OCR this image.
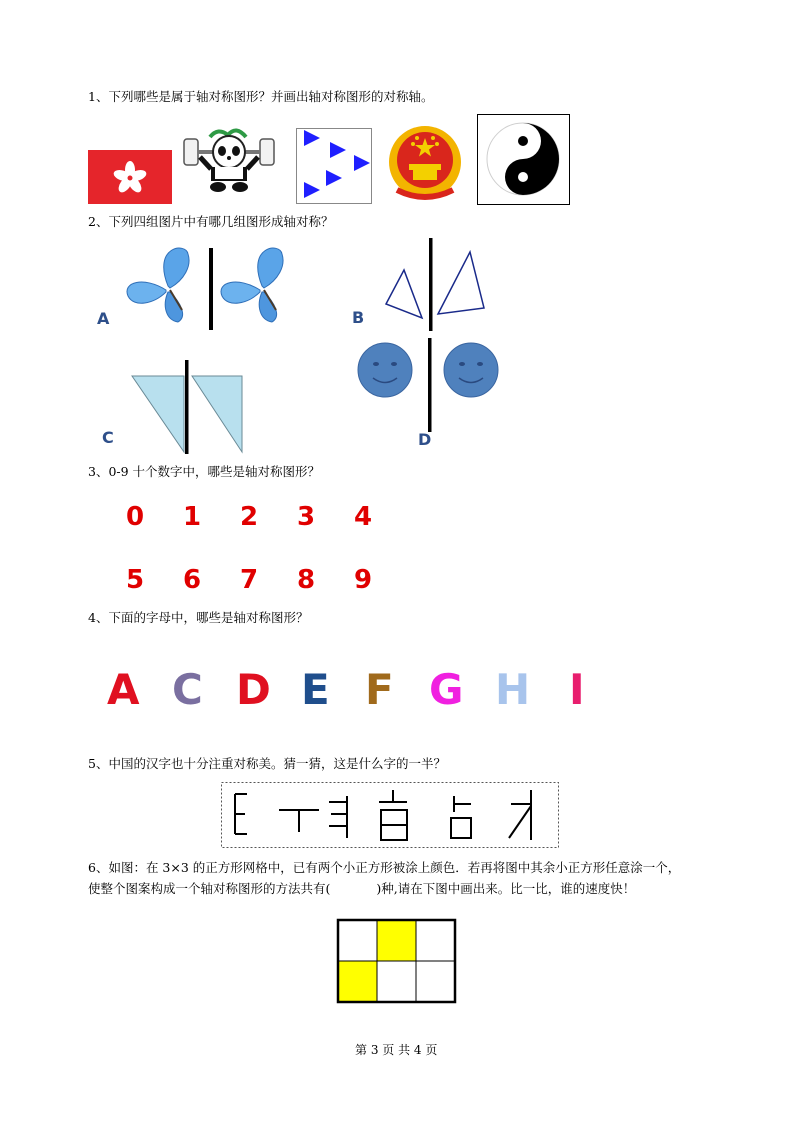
1、下列哪些是属于轴对称图形？并画出轴对称图形的对称轴。
2、下列四组图片中有哪几组图形成轴对称？
A	B
C	D
3、0-9 十个数字中，哪些是轴对称图形？
0 1 2 3 4
5 6 7 8 9
4、下面的字母中，哪些是轴对称图形？
A C D E F G H I
5、中国的汉字也十分注重对称美。猜一猜，这是什么字的一半？
6、如图：在 3×3 的正方形网格中，已有两个小正方形被涂上颜色．若再将图中其余小正方形任意涂一个，使整个图案构成一个轴对称图形的方法共有(	)种,请在下图中画出来。比一比，谁的速度快！
第 3 页 共 4 页
